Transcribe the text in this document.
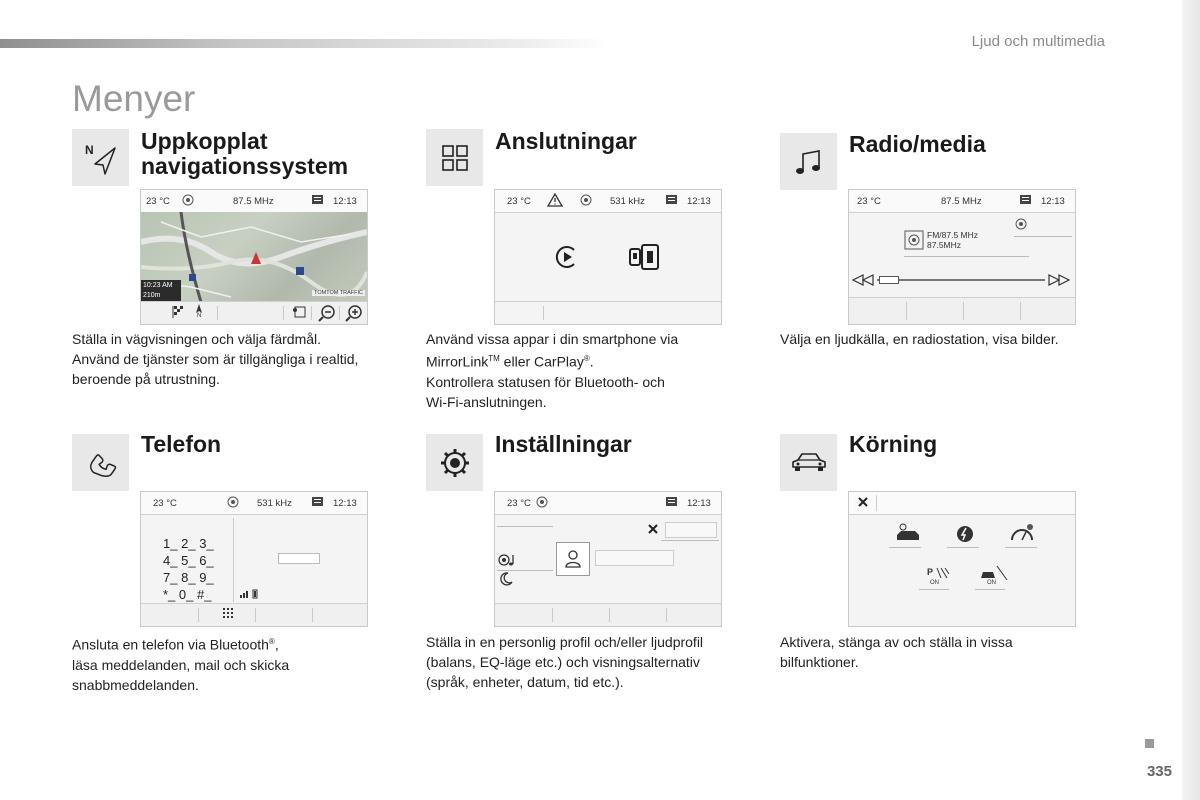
Ljud och multimedia
Menyer
N Uppkopplat
navigationssystem
23 °C	87.5 MHz	12:13
10:23 AM
210m	TOMTOM TRAFFIC
N
Ställa in vägvisningen och välja färdmål.
Använd de tjänster som är tillgängliga i realtid,
beroende på utrustning.
Anslutningar
23 °C	531 kHz	12:13
Använd vissa appar i din smartphone via
MirrorLink™ eller CarPlay®.
Kontrollera statusen för Bluetooth- och
Wi-Fi-anslutningen.
Radio/media
23 °C	87.5 MHz	12:13
FM/87.5 MHz
87.5MHz
Välja en ljudkälla, en radiostation, visa bilder.
Telefon
23 °C	531 kHz	12:13
1_ 2_ 3_
4_ 5_ 6_
7_ 8_ 9_
*_ 0_ #_
Ansluta en telefon via Bluetooth®,
läsa meddelanden, mail och skicka
snabbmeddelanden.
Inställningar
23 °C	12:13
Ställa in en personlig profil och/eller ljudprofil
(balans, EQ-läge etc.) och visningsalternativ
(språk, enheter, datum, tid etc.).
Körning
P
ON	ON
Aktivera, stänga av och ställa in vissa
bilfunktioner.
335
